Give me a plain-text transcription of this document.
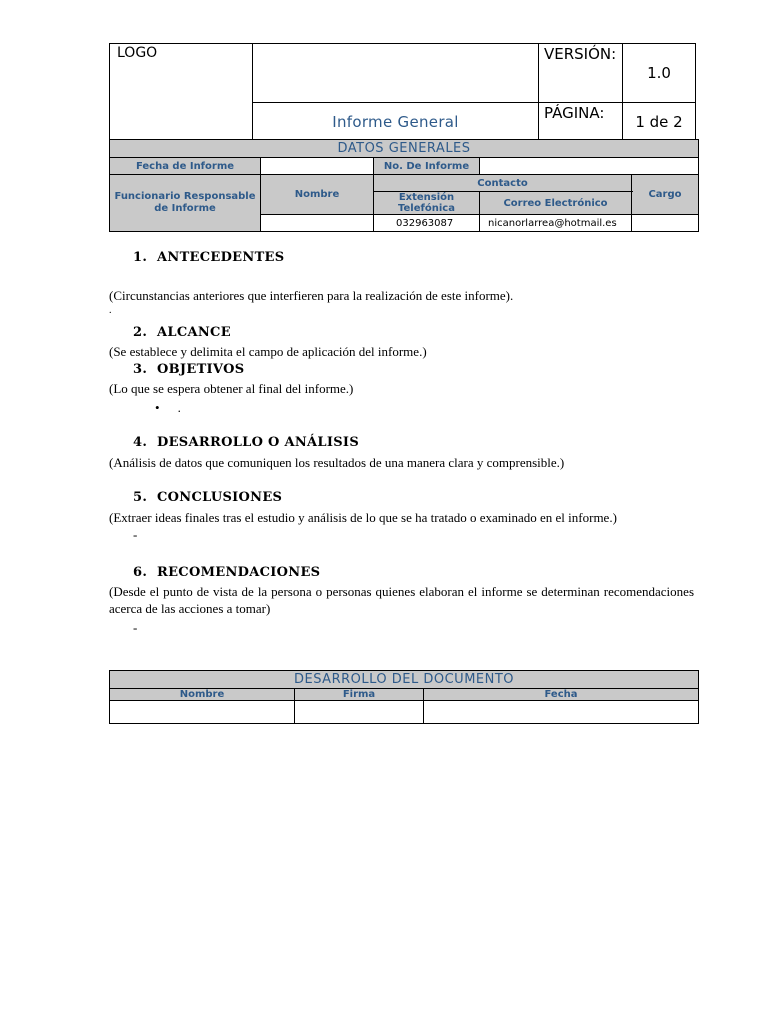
LOGO		VERSIÓN:	1.0
	Informe General	PÁGINA:	1 de 2
DATOS GENERALES				
Fecha de Informe		No. De Informe		
Funcionario Responsable de Informe	Nombre	Contacto		Cargo
		Extensión Telefónica	Correo Electrónico	
		032963087	nicanorlarrea@hotmail.es	
1. ANTECEDENTES
(Circunstancias anteriores que interfieren para la realización de este informe).
.
2. ALCANCE
(Se establece y delimita el campo de aplicación del informe.)
3. OBJETIVOS
(Lo que se espera obtener al final del informe.)
• .
4. DESARROLLO O ANÁLISIS
(Análisis de datos que comuniquen los resultados de una manera clara y comprensible.)
5. CONCLUSIONES
(Extraer ideas finales tras el estudio y análisis de lo que se ha tratado o examinado en el informe.)
-
6. RECOMENDACIONES
(Desde el punto de vista de la persona o personas quienes elaboran el informe se determinan recomendaciones acerca de las acciones a tomar)
-
DESARROLLO DEL DOCUMENTO		
Nombre	Firma	Fecha
